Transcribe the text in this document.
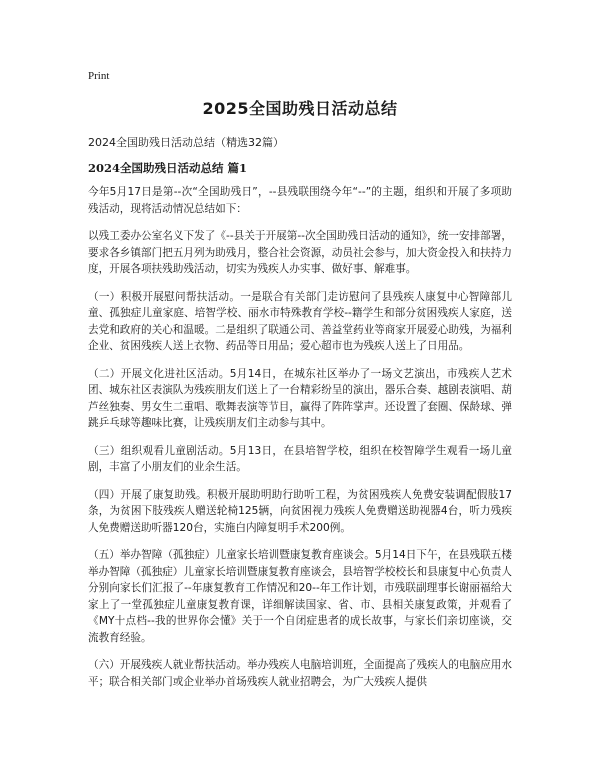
Print
2025全国助残日活动总结
2024全国助残日活动总结（精选32篇）
2024全国助残日活动总结 篇1

今年5月17日是第--次“全国助残日”，--县残联围绕今年“--”的主题，组织和开展了多项助残活动，现将活动情况总结如下：

以残工委办公室名义下发了《--县关于开展第--次全国助残日活动的通知》，统一安排部署，要求各乡镇部门把五月列为助残月，整合社会资源，动员社会参与，加大资金投入和扶持力度，开展各项扶残助残活动，切实为残疾人办实事、做好事、解难事。

（一）积极开展慰问帮扶活动。一是联合有关部门走访慰问了县残疾人康复中心智障部儿童、孤独症儿童家庭、培智学校、丽水市特殊教育学校--籍学生和部分贫困残疾人家庭，送去党和政府的关心和温暖。二是组织了联通公司、善益堂药业等商家开展爱心助残，为福利企业、贫困残疾人送上衣物、药品等日用品；爱心超市也为残疾人送上了日用品。

（二）开展文化进社区活动。5月14日，在城东社区举办了一场文艺演出，市残疾人艺术团、城东社区表演队为残疾朋友们送上了一台精彩纷呈的演出，器乐合奏、越剧表演唱、葫芦丝独奏、男女生二重唱、歌舞表演等节目，赢得了阵阵掌声。还设置了套圈、保龄球、弹跳乒乓球等趣味比赛，让残疾朋友们主动参与其中。

（三）组织观看儿童剧活动。5月13日，在县培智学校，组织在校智障学生观看一场儿童剧，丰富了小朋友们的业余生活。

（四）开展了康复助残。积极开展助明助行助听工程，为贫困残疾人免费安装调配假肢17条，为贫困下肢残疾人赠送轮椅125辆，向贫困视力残疾人免费赠送助视器4台，听力残疾人免费赠送助听器120台，实施白内障复明手术200例。

（五）举办智障（孤独症）儿童家长培训暨康复教育座谈会。5月14日下午，在县残联五楼举办智障（孤独症）儿童家长培训暨康复教育座谈会，县培智学校校长和县康复中心负责人分别向家长们汇报了--年康复教育工作情况和20--年工作计划，市残联副理事长谢丽福给大家上了一堂孤独症儿童康复教育课，详细解读国家、省、市、县相关康复政策，并观看了《MY十点档--我的世界你会懂》关于一个自闭症患者的成长故事，与家长们亲切座谈，交流教育经验。

（六）开展残疾人就业帮扶活动。举办残疾人电脑培训班，全面提高了残疾人的电脑应用水平；联合相关部门或企业举办首场残疾人就业招聘会，为广大残疾人提供
